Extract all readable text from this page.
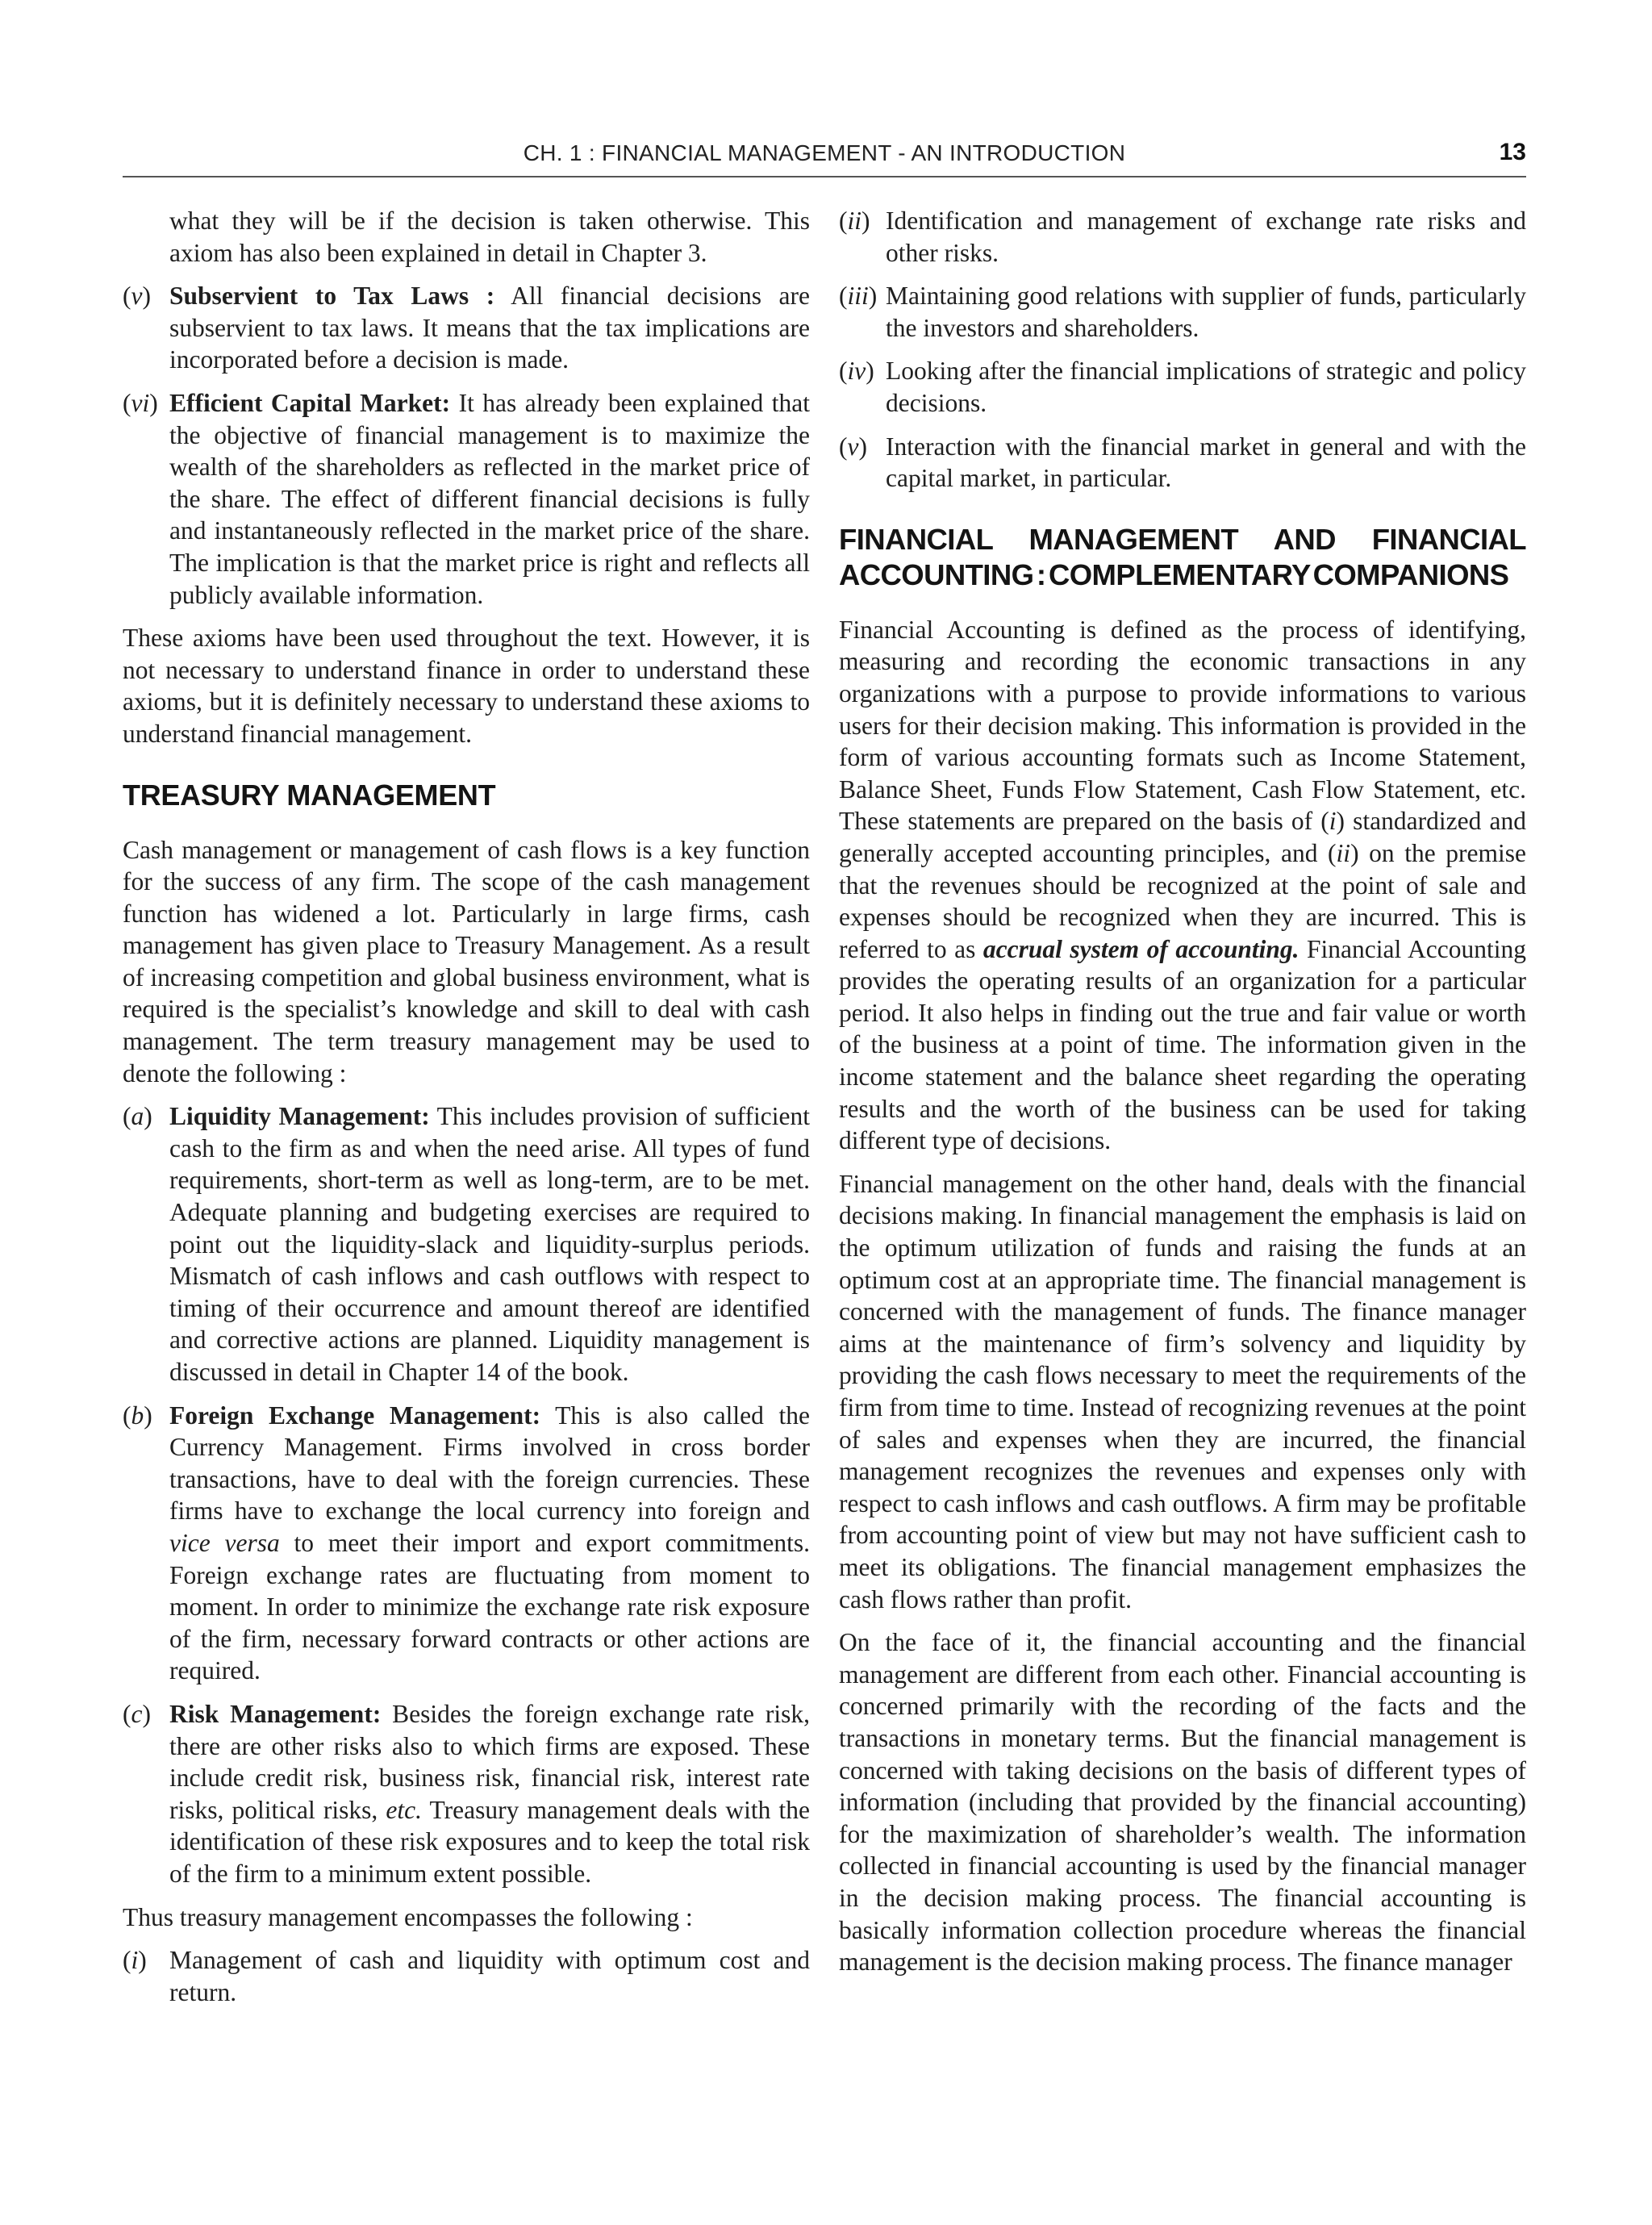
CH. 1 : FINANCIAL MANAGEMENT - AN INTRODUCTION	13

what they will be if the decision is taken otherwise. This axiom has also been explained in detail in Chapter 3.

(v) Subservient to Tax Laws : All financial decisions are subservient to tax laws. It means that the tax implications are incorporated before a decision is made.
(vi) Efficient Capital Market: It has already been explained that the objective of financial management is to maximize the wealth of the shareholders as reflected in the market price of the share. The effect of different financial decisions is fully and instantaneously reflected in the market price of the share. The implication is that the market price is right and reflects all publicly available information.

These axioms have been used throughout the text. However, it is not necessary to understand finance in order to understand these axioms, but it is definitely necessary to understand these axioms to understand financial management.

TREASURY MANAGEMENT

Cash management or management of cash flows is a key function for the success of any firm. The scope of the cash management function has widened a lot. Particularly in large firms, cash management has given place to Treasury Management. As a result of increasing competition and global business environment, what is required is the specialist’s knowledge and skill to deal with cash management. The term treasury management may be used to denote the following :

(a) Liquidity Management: This includes provision of sufficient cash to the firm as and when the need arise. All types of fund requirements, short-term as well as long-term, are to be met. Adequate planning and budgeting exercises are required to point out the liquidity-slack and liquidity-surplus periods. Mismatch of cash inflows and cash outflows with respect to timing of their occurrence and amount thereof are identified and corrective actions are planned. Liquidity management is discussed in detail in Chapter 14 of the book.
(b) Foreign Exchange Management: This is also called the Currency Management. Firms involved in cross border transactions, have to deal with the foreign currencies. These firms have to exchange the local currency into foreign and vice versa to meet their import and export commitments. Foreign exchange rates are fluctuating from moment to moment. In order to minimize the exchange rate risk exposure of the firm, necessary forward contracts or other actions are required.
(c) Risk Management: Besides the foreign exchange rate risk, there are other risks also to which firms are exposed. These include credit risk, business risk, financial risk, interest rate risks, political risks, etc. Treasury management deals with the identification of these risk exposures and to keep the total risk of the firm to a minimum extent possible.

Thus treasury management encompasses the following :

(i) Management of cash and liquidity with optimum cost and return.
(ii) Identification and management of exchange rate risks and other risks.
(iii) Maintaining good relations with supplier of funds, particularly the investors and shareholders.
(iv) Looking after the financial implications of strategic and policy decisions.
(v) Interaction with the financial market in general and with the capital market, in particular.
FINANCIAL MANAGEMENT AND FINANCIAL
ACCOUNTING : COMPLEMENTARY COMPANIONS

Financial Accounting is defined as the process of identifying, measuring and recording the economic transactions in any organizations with a purpose to provide informations to various users for their decision making. This information is provided in the form of various accounting formats such as Income Statement, Balance Sheet, Funds Flow Statement, Cash Flow Statement, etc. These statements are prepared on the basis of (i) standardized and generally accepted accounting principles, and (ii) on the premise that the revenues should be recognized at the point of sale and expenses should be recognized when they are incurred. This is referred to as accrual system of accounting. Financial Accounting provides the operating results of an organization for a particular period. It also helps in finding out the true and fair value or worth of the business at a point of time. The information given in the income statement and the balance sheet regarding the operating results and the worth of the business can be used for taking different type of decisions.

Financial management on the other hand, deals with the financial decisions making. In financial management the emphasis is laid on the optimum utilization of funds and raising the funds at an optimum cost at an appropriate time. The financial management is concerned with the management of funds. The finance manager aims at the maintenance of firm’s solvency and liquidity by providing the cash flows necessary to meet the requirements of the firm from time to time. Instead of recognizing revenues at the point of sales and expenses when they are incurred, the financial management recognizes the revenues and expenses only with respect to cash inflows and cash outflows. A firm may be profitable from accounting point of view but may not have sufficient cash to meet its obligations. The financial management emphasizes the cash flows rather than profit.

On the face of it, the financial accounting and the financial management are different from each other. Financial accounting is concerned primarily with the recording of the facts and the transactions in monetary terms. But the financial management is concerned with taking decisions on the basis of different types of information (including that provided by the financial accounting) for the maximization of shareholder’s wealth. The information collected in financial accounting is used by the financial manager in the decision making process. The financial accounting is basically information collection procedure whereas the financial management is the decision making process. The finance manager
